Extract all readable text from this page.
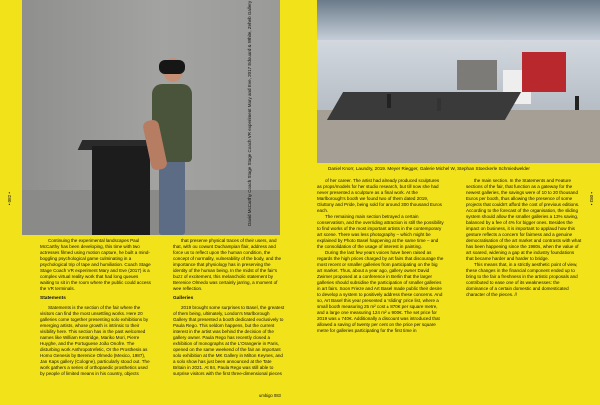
David McCarthy Coach Stage Stage Coach VR experiment Mary and Eve, 2017 Edouard & White, Zeheb Gallery	Daniel Knorr, Laundry, 2019. Meyer Riegger, Galerie Michel W, Stephan Stoeckerle Schmiedwelder
• 082 •	• 083 •

Continuing the experimental landscapes Paul McCarthy has been developing, this time with two actresses filmed using motion capture, he built a mind-boggling psychological game culminating in a psychological trip of tape and humiliation. Coach Stage Stage Coach VR experiment Mary and Eve (2017) is a complex virtual reality work that had long queues waiting to sit in the room where the public could access the VR terminals.

Statements

Statements is the section of the fair where the visitors can find the most unsettling works. Here 20 galleries come together presenting solo exhibitions by emerging artists, whose growth is intrinsic to their visibility here. This section has in the past welcomed names like William Kentridge, Mariko Mori, Pierre Huyghe, and the Portuguese João Onofre. The disturbing work Anthropotrefetic, Or the Prosthesis as Homo Genesis by Berenice Olmedo (Mexico, 1987), Jan Kaps gallery (Cologne), particularly stood out. The work gathers a series of orthopaedic prosthetics used by people of limited means in his country, objects

that preserve physical traces of their users, and that, with ou cowunt Duchampian flair, address and force us to reflect upon the human condition, the concept of normality, vulnerability of the body, and the importance that physiology has in preserving the identity of the human being. In the midst of the fair's buzz of excitement, this melancholic statement by Berenice Olmedo was certainly jarring, a moment of wee reflection.

Galleries

2019 brought some surprises to Basel, the greatest of them being, ultimately, London's Marlborough Gallery that presented a booth dedicated exclusively to Paula Rego. This seldom happens, but the current interest in the artist was behind the decision of the gallery owner. Paula Rego has recently closed a exhibition of monographs at the L'Orangerie in Paris, opened on the same weekend of the fair an important solo exhibition at the MK Gallery in Milton Keynes, and a solo show has just been announced at the Tate Britain in 2021. At 84, Paula Rego was still able to surprise visitors with the first three-dimensional pieces

of her career. The artist had already produced sculptures as props/models for her studio research, but till now she had never presented a sculpture as a final work. At the Marlborough's booth we found two of them dated 2019, Gluttony and Pride, being sold for around 300 thousand Euros each.

The remaining main section betrayed a certain conservatism, and the overriding attraction is still the possibility to find works of the most important artists in the contemporary art scene. There was less photography – which might be explained by Photo Basel happening at the same time – and the consolidation of the usage of interest in painting.

During the last few years voices have been raised as regards the high prices charged by art fairs that discourage the most recent or smaller galleries from participating on the big art market. Thus, about a year ago, gallery owner David Zwirner proposed at a conference in Berlin that the larger galleries should subsidise the participation of smaller galleries in art fairs. Soon Frieze and Art Basel made public their desire to develop a system to positively address these concerns. And so, Art Basel this year presented a 'sliding' price list, where a small booth measuring 25 m² cost ± 870€ per square metre, and a large one measuring 124 m² ± 900€. The set price for 2019 was ± 740€. Additionally a discount was introduced that allowed a saving of twenty per cent on the price per square metre for galleries participating for the first time in

the main section. In the Statements and Feature sections of the fair, that function as a gateway for the newest galleries, the savings were of 10 to 20 thousand Euros per booth, thus allowing the presence of some projects that couldn't afford the cost of previous editions. According to the forecast of the organisation, the sliding system should allow the smaller galleries a 13% saving, balanced by a fee of 4% for bigger ones. Besides the impact on business, it is important to applaud how this gesture reflects a concern for fairness and a genuine democratisation of the art market and contrasts with what has been happening since the 1980s, when the value of art soared, widening a gap at the industry foundations that became harder and harder to bridge.

This means that, in a strictly aesthetic point of view, these changes in the financial component ended up to bring to the fair a freshness in the artistic proposals and contributed to ease one of its weaknesses: the dominance of a certain domestic and domesticated character of the pieces. //

umbigo 083
